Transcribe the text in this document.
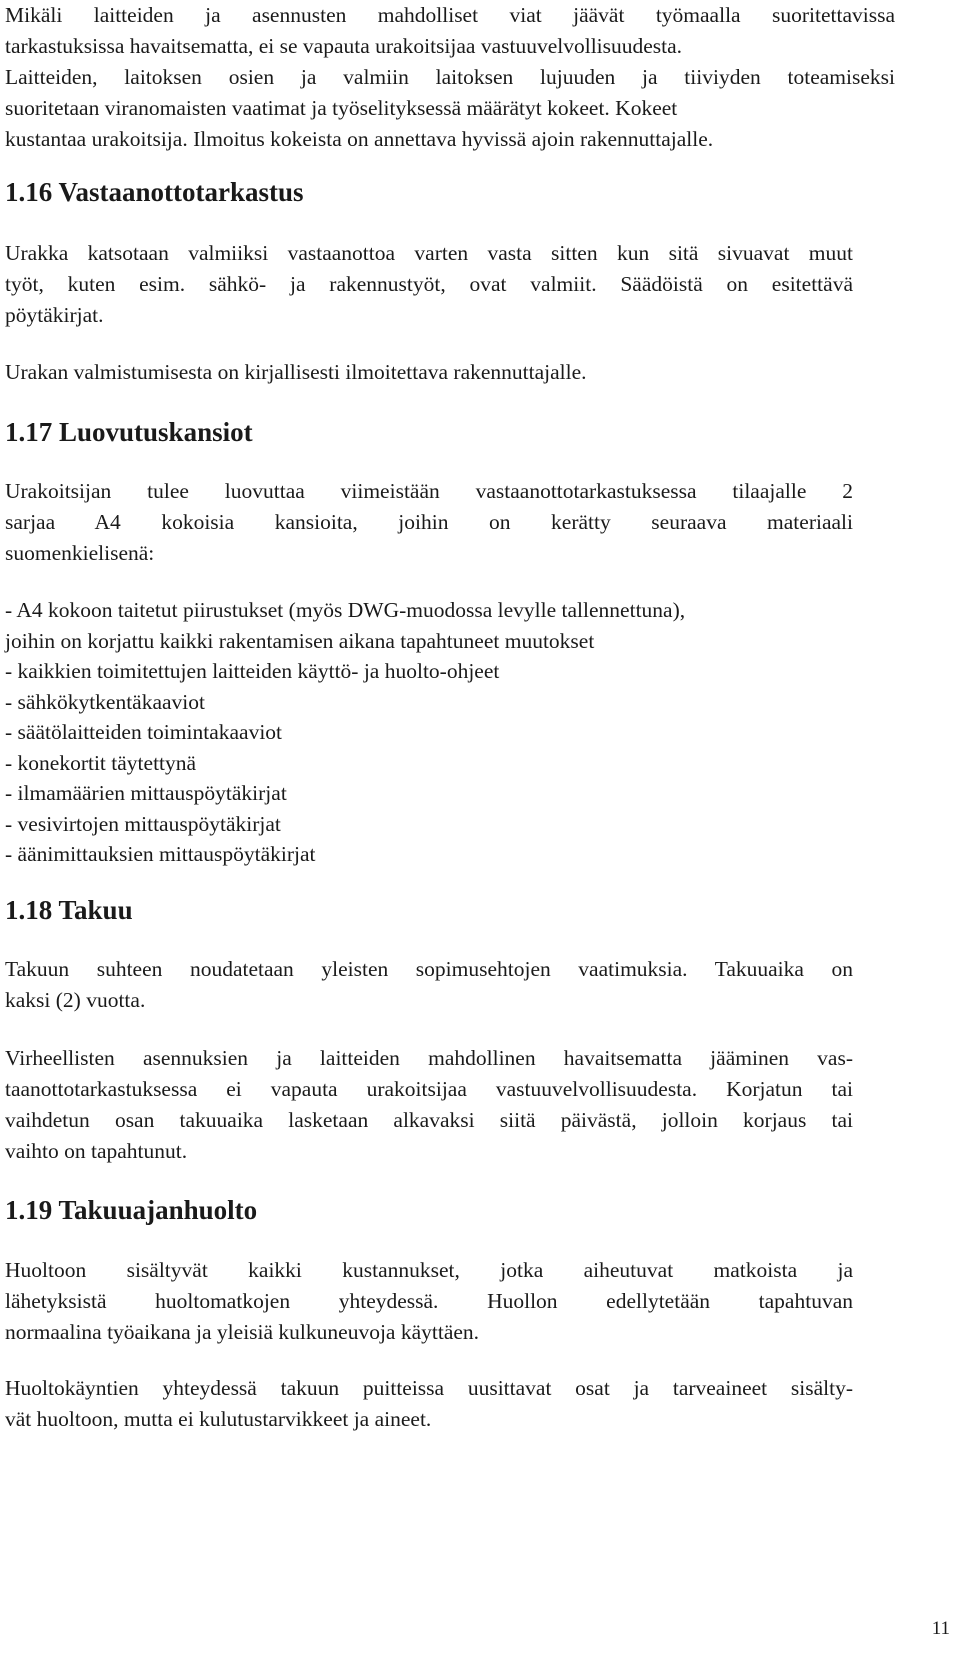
Mikäli laitteiden ja asennusten mahdolliset viat jäävät työmaalla suoritettavissa
tarkastuksissa havaitsematta, ei se vapauta urakoitsijaa vastuuvelvollisuudesta.
Laitteiden, laitoksen osien ja valmiin laitoksen lujuuden ja tiiviyden toteamiseksi
suoritetaan viranomaisten vaatimat ja työselityksessä määrätyt kokeet. Kokeet
kustantaa urakoitsija. Ilmoitus kokeista on annettava hyvissä ajoin rakennuttajalle.

1.16 Vastaanottotarkastus

Urakka katsotaan valmiiksi vastaanottoa varten vasta sitten kun sitä sivuavat muut
työt, kuten esim. sähkö- ja rakennustyöt, ovat valmiit. Säädöistä on esitettävä
pöytäkirjat.

Urakan valmistumisesta on kirjallisesti ilmoitettava rakennuttajalle.

1.17 Luovutuskansiot

Urakoitsijan tulee luovuttaa viimeistään vastaanottotarkastuksessa tilaajalle 2
sarjaa A4 kokoisia kansioita, joihin on kerätty seuraava materiaali
suomenkielisenä:

- A4 kokoon taitetut piirustukset (myös DWG-muodossa levylle tallennettuna),
joihin on korjattu kaikki rakentamisen aikana tapahtuneet muutokset
- kaikkien toimitettujen laitteiden käyttö- ja huolto-ohjeet
- sähkökytkentäkaaviot
- säätölaitteiden toimintakaaviot
- konekortit täytettynä
- ilmamäärien mittauspöytäkirjat
- vesivirtojen mittauspöytäkirjat
- äänimittauksien mittauspöytäkirjat
1.18 Takuu

Takuun suhteen noudatetaan yleisten sopimusehtojen vaatimuksia. Takuuaika on
kaksi (2) vuotta.

Virheellisten asennuksien ja laitteiden mahdollinen havaitsematta jääminen vas-
taanottotarkastuksessa ei vapauta urakoitsijaa vastuuvelvollisuudesta. Korjatun tai
vaihdetun osan takuuaika lasketaan alkavaksi siitä päivästä, jolloin korjaus tai
vaihto on tapahtunut.

1.19 Takuuajanhuolto

Huoltoon sisältyvät kaikki kustannukset, jotka aiheutuvat matkoista ja
lähetyksistä huoltomatkojen yhteydessä. Huollon edellytetään tapahtuvan
normaalina työaikana ja yleisiä kulkuneuvoja käyttäen.

Huoltokäyntien yhteydessä takuun puitteissa uusittavat osat ja tarveaineet sisälty-
vät huoltoon, mutta ei kulutustarvikkeet ja aineet.

11
